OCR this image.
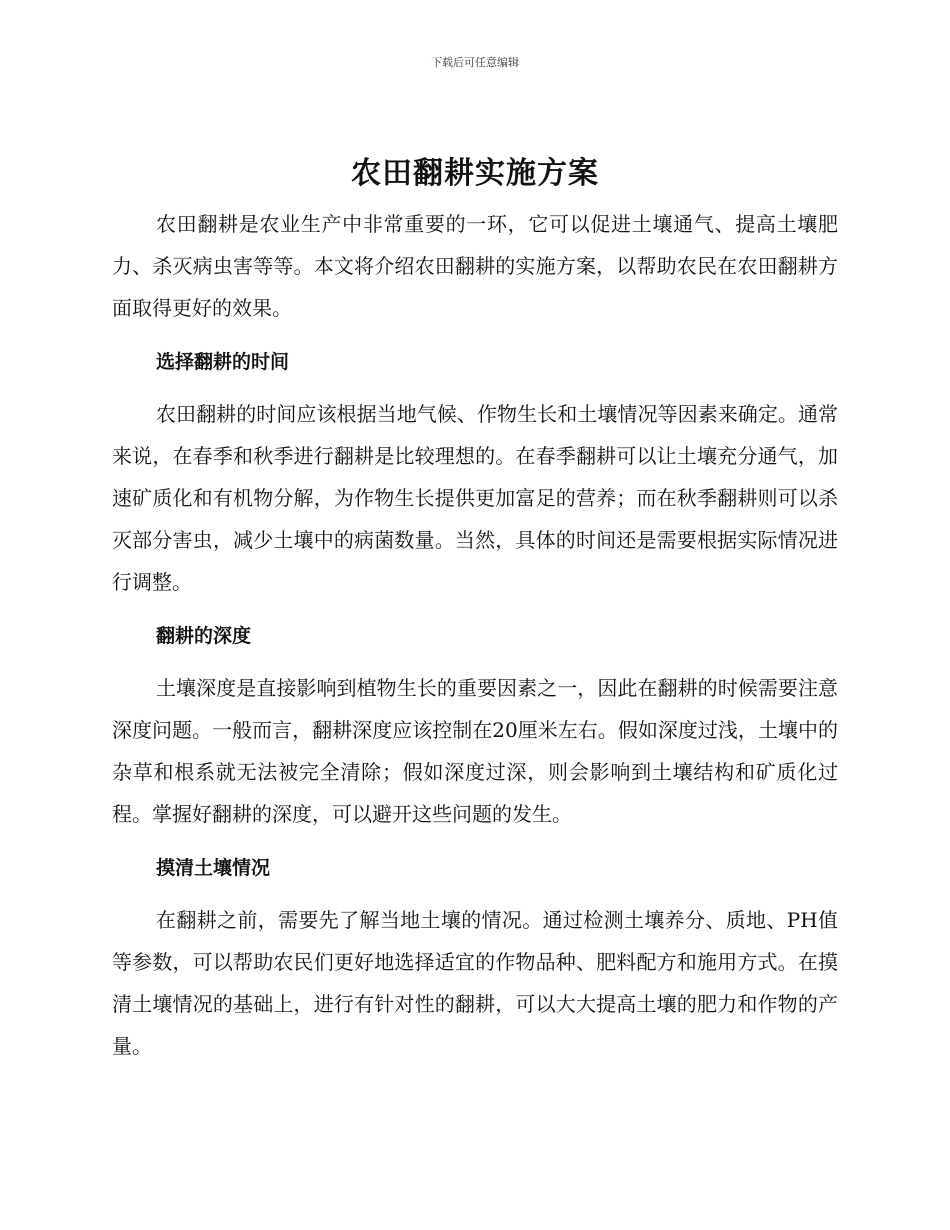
下载后可任意编辑
农田翻耕实施方案

农田翻耕是农业生产中非常重要的一环，它可以促进土壤通气、提高土壤肥力、杀灭病虫害等等。本文将介绍农田翻耕的实施方案，以帮助农民在农田翻耕方面取得更好的效果。

选择翻耕的时间

农田翻耕的时间应该根据当地气候、作物生长和土壤情况等因素来确定。通常来说，在春季和秋季进行翻耕是比较理想的。在春季翻耕可以让土壤充分通气，加速矿质化和有机物分解，为作物生长提供更加富足的营养；而在秋季翻耕则可以杀灭部分害虫，减少土壤中的病菌数量。当然，具体的时间还是需要根据实际情况进行调整。

翻耕的深度

土壤深度是直接影响到植物生长的重要因素之一，因此在翻耕的时候需要注意深度问题。一般而言，翻耕深度应该控制在20厘米左右。假如深度过浅，土壤中的杂草和根系就无法被完全清除；假如深度过深，则会影响到土壤结构和矿质化过程。掌握好翻耕的深度，可以避开这些问题的发生。

摸清土壤情况

在翻耕之前，需要先了解当地土壤的情况。通过检测土壤养分、质地、PH值等参数，可以帮助农民们更好地选择适宜的作物品种、肥料配方和施用方式。在摸清土壤情况的基础上，进行有针对性的翻耕，可以大大提高土壤的肥力和作物的产量。
